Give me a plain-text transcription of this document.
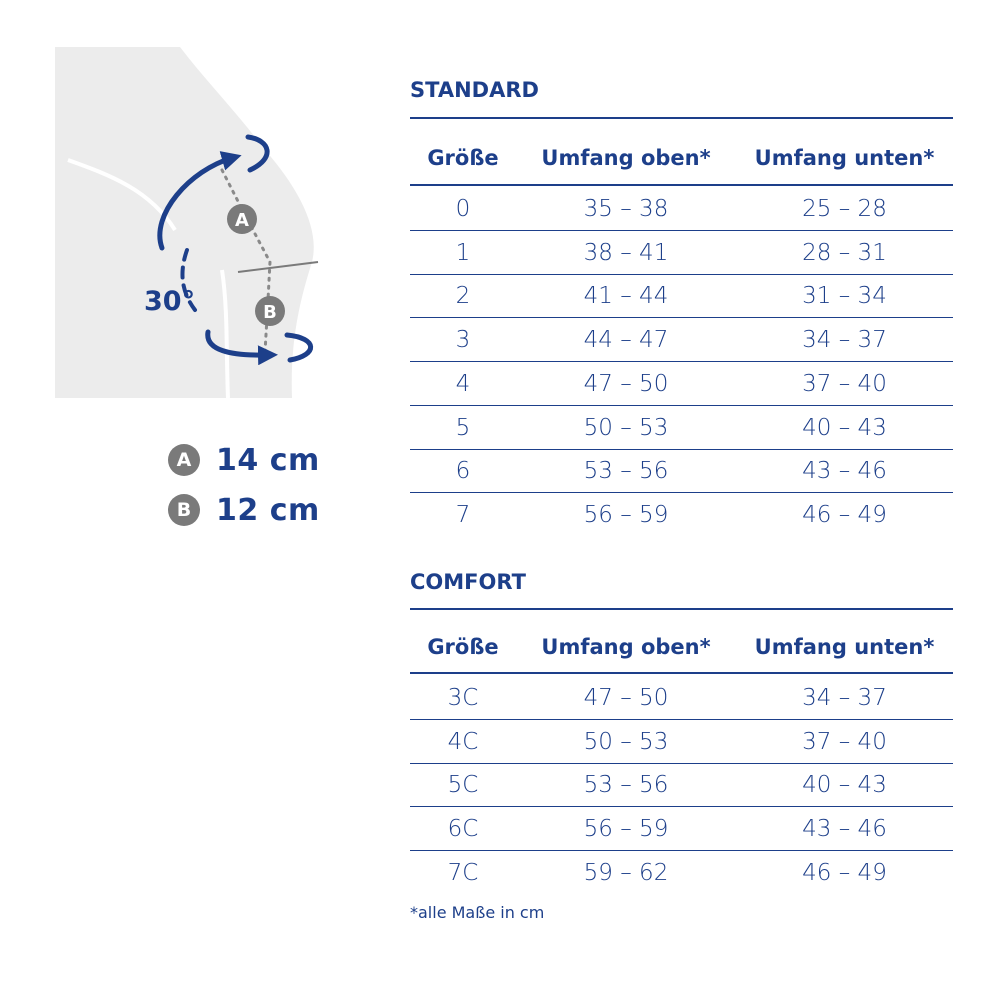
A
B
30°
A 14 cm
B 12 cm
STANDARD
Größe	Umfang oben*	Umfang unten*
0	35 – 38	25 – 28
1	38 – 41	28 – 31
2	41 – 44	31 – 34
3	44 – 47	34 – 37
4	47 – 50	37 – 40
5	50 – 53	40 – 43
6	53 – 56	43 – 46
7	56 – 59	46 – 49
COMFORT
Größe	Umfang oben*	Umfang unten*
3C	47 – 50	34 – 37
4C	50 – 53	37 – 40
5C	53 – 56	40 – 43
6C	56 – 59	43 – 46
7C	59 – 62	46 – 49
*alle Maße in cm
